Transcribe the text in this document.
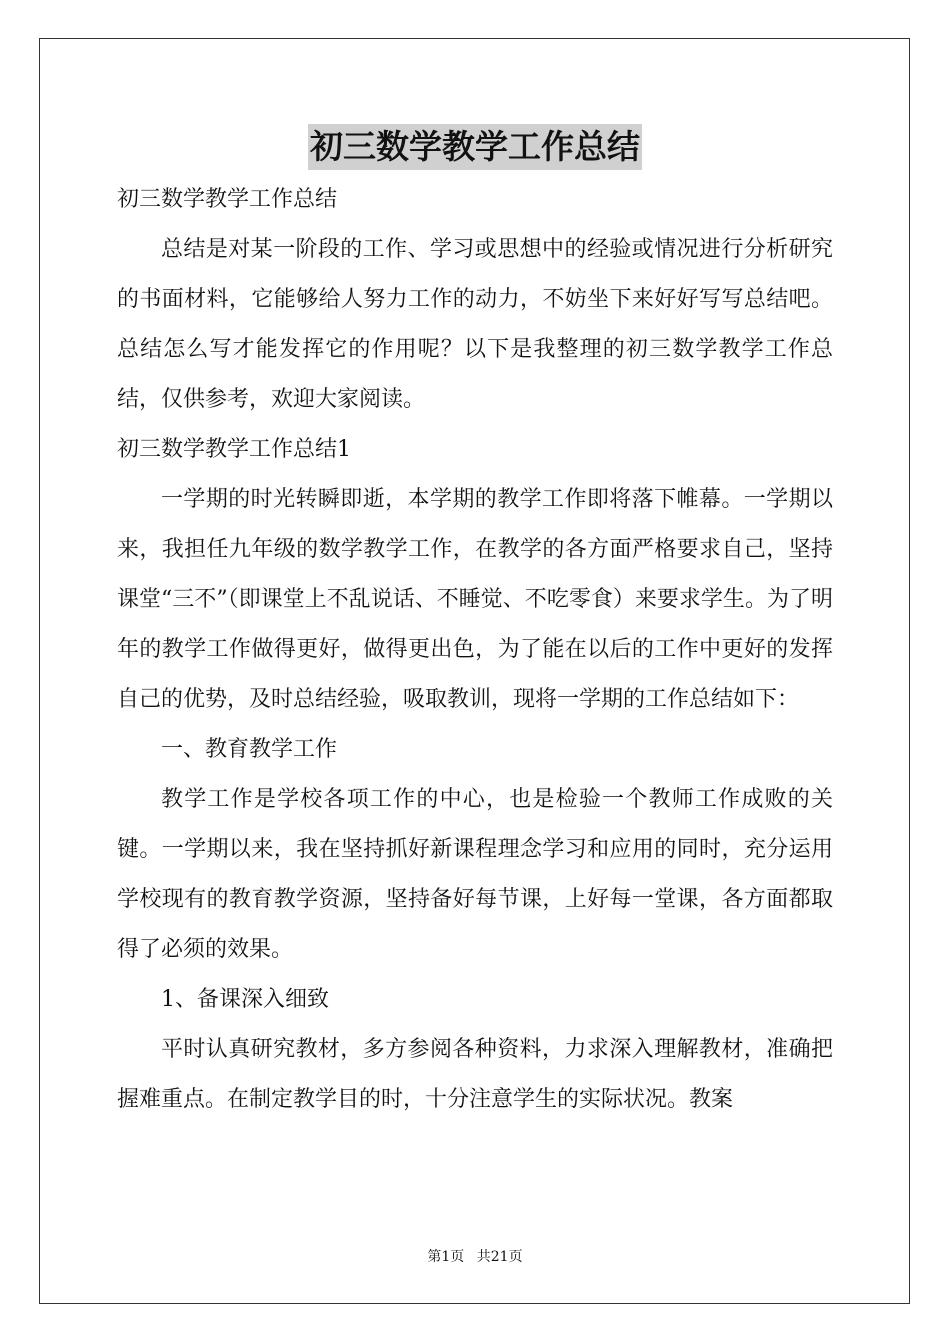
初三数学教学工作总结

初三数学教学工作总结

总结是对某一阶段的工作、学习或思想中的经验或情况进行分析研究的书面材料，它能够给人努力工作的动力，不妨坐下来好好写写总结吧。总结怎么写才能发挥它的作用呢？以下是我整理的初三数学教学工作总结，仅供参考，欢迎大家阅读。

初三数学教学工作总结1

一学期的时光转瞬即逝，本学期的教学工作即将落下帷幕。一学期以来，我担任九年级的数学教学工作，在教学的各方面严格要求自己，坚持课堂“三不”（即课堂上不乱说话、不睡觉、不吃零食）来要求学生。为了明年的教学工作做得更好，做得更出色，为了能在以后的工作中更好的发挥自己的优势，及时总结经验，吸取教训，现将一学期的工作总结如下：

一、教育教学工作

教学工作是学校各项工作的中心，也是检验一个教师工作成败的关键。一学期以来，我在坚持抓好新课程理念学习和应用的同时，充分运用学校现有的教育教学资源，坚持备好每节课，上好每一堂课，各方面都取得了必须的效果。

1、备课深入细致

平时认真研究教材，多方参阅各种资料，力求深入理解教材，准确把握难重点。在制定教学目的时，十分注意学生的实际状况。教案

第1页 共21页
